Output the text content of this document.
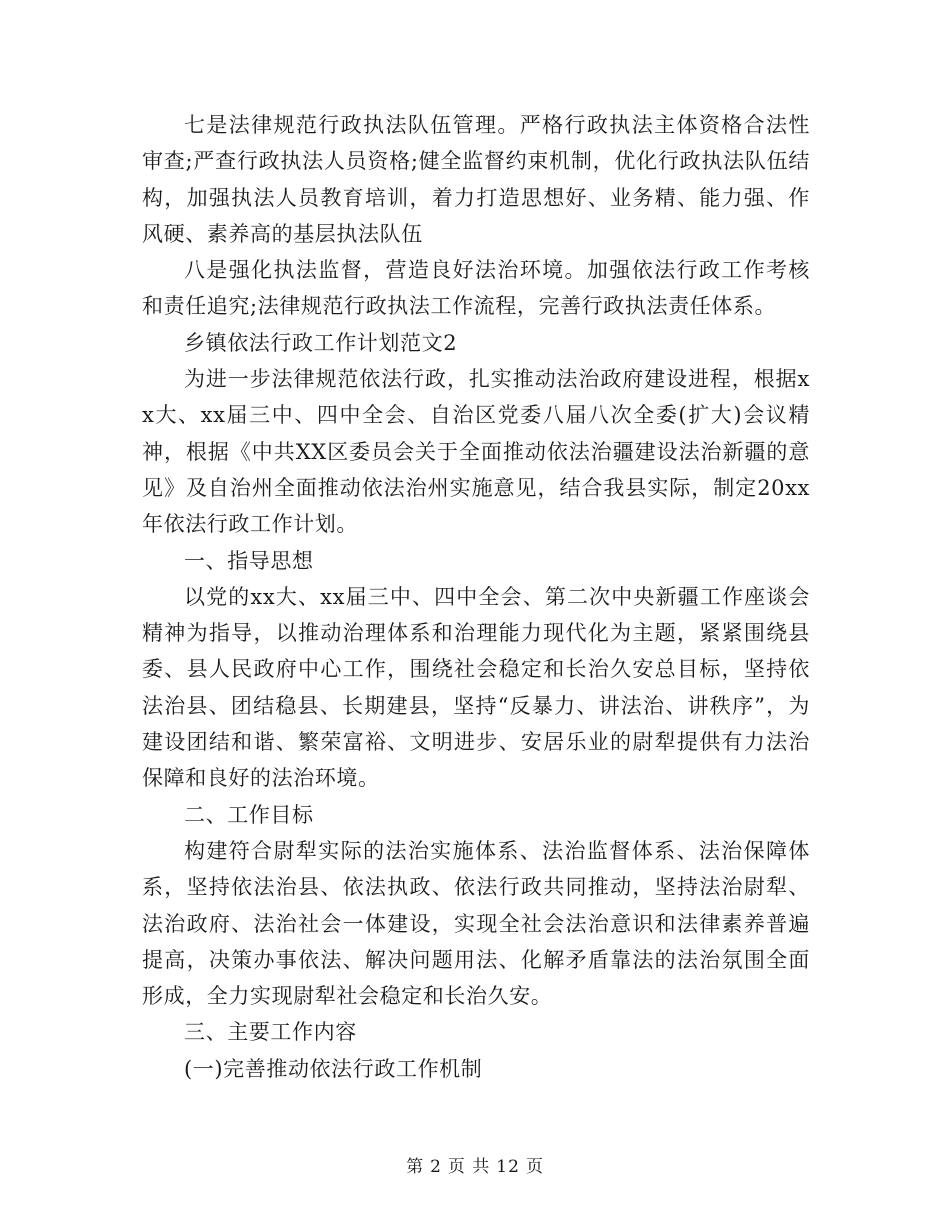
七是法律规范行政执法队伍管理。严格行政执法主体资格合法性审查;严查行政执法人员资格;健全监督约束机制，优化行政执法队伍结构，加强执法人员教育培训，着力打造思想好、业务精、能力强、作风硬、素养高的基层执法队伍

八是强化执法监督，营造良好法治环境。加强依法行政工作考核和责任追究;法律规范行政执法工作流程，完善行政执法责任体系。

乡镇依法行政工作计划范文2

为进一步法律规范依法行政，扎实推动法治政府建设进程，根据xx大、xx届三中、四中全会、自治区党委八届八次全委(扩大)会议精神，根据《中共XX区委员会关于全面推动依法治疆建设法治新疆的意见》及自治州全面推动依法治州实施意见，结合我县实际，制定20xx年依法行政工作计划。

一、指导思想

以党的xx大、xx届三中、四中全会、第二次中央新疆工作座谈会精神为指导，以推动治理体系和治理能力现代化为主题，紧紧围绕县委、县人民政府中心工作，围绕社会稳定和长治久安总目标，坚持依法治县、团结稳县、长期建县，坚持“反暴力、讲法治、讲秩序”，为建设团结和谐、繁荣富裕、文明进步、安居乐业的尉犁提供有力法治保障和良好的法治环境。

二、工作目标

构建符合尉犁实际的法治实施体系、法治监督体系、法治保障体系，坚持依法治县、依法执政、依法行政共同推动，坚持法治尉犁、法治政府、法治社会一体建设，实现全社会法治意识和法律素养普遍提高，决策办事依法、解决问题用法、化解矛盾靠法的法治氛围全面形成，全力实现尉犁社会稳定和长治久安。

三、主要工作内容

(一)完善推动依法行政工作机制

第 2 页 共 12 页
